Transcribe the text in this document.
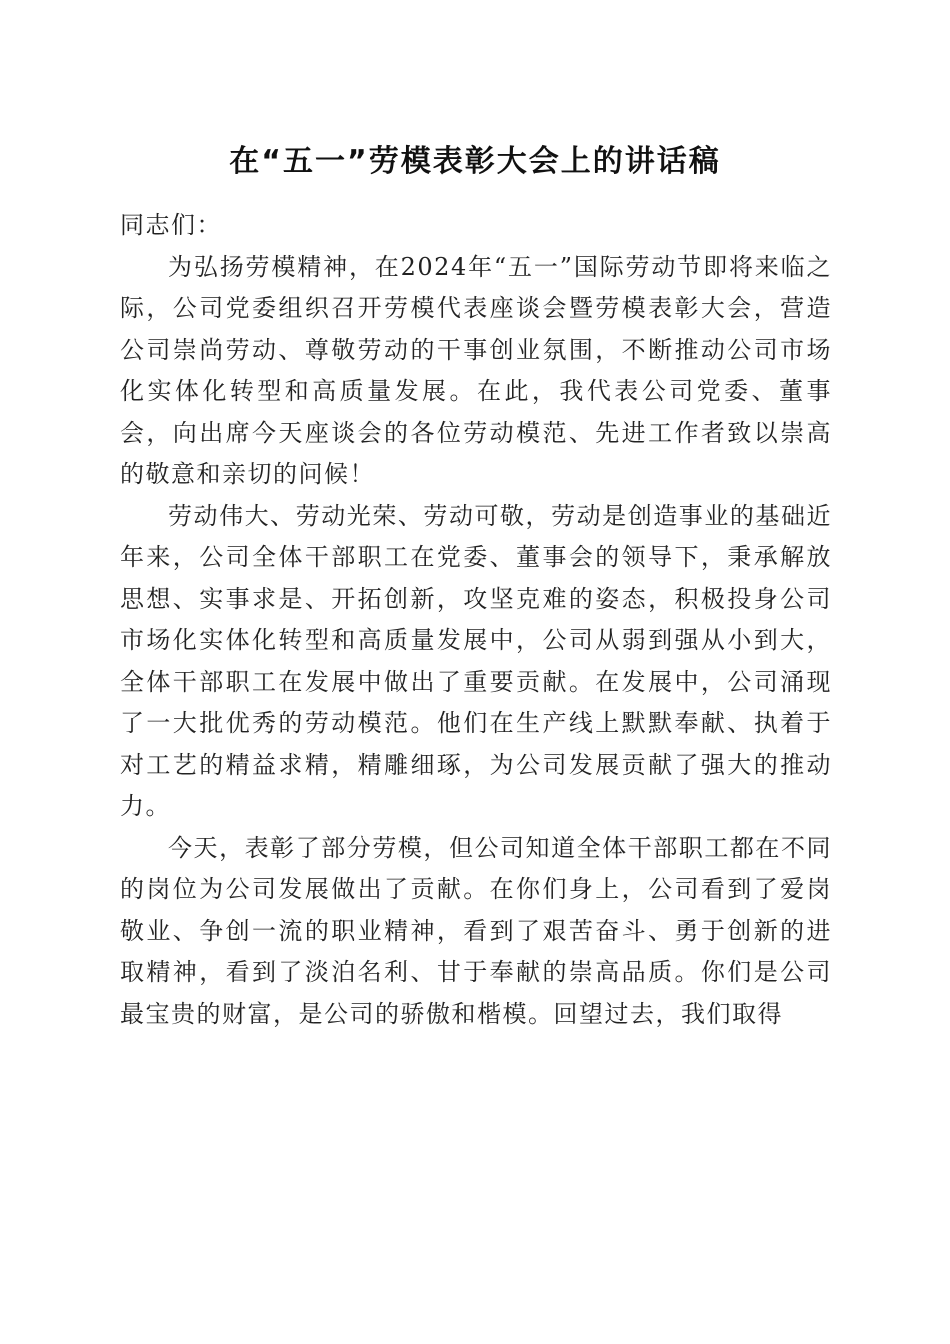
在“五一”劳模表彰大会上的讲话稿

同志们：

为弘扬劳模精神，在2024年“五一”国际劳动节即将来临之际，公司党委组织召开劳模代表座谈会暨劳模表彰大会，营造公司崇尚劳动、尊敬劳动的干事创业氛围，不断推动公司市场化实体化转型和高质量发展。在此，我代表公司党委、董事会，向出席今天座谈会的各位劳动模范、先进工作者致以崇高的敬意和亲切的问候！

劳动伟大、劳动光荣、劳动可敬，劳动是创造事业的基础近年来，公司全体干部职工在党委、董事会的领导下，秉承解放思想、实事求是、开拓创新，攻坚克难的姿态，积极投身公司市场化实体化转型和高质量发展中，公司从弱到强从小到大，全体干部职工在发展中做出了重要贡献。在发展中，公司涌现了一大批优秀的劳动模范。他们在生产线上默默奉献、执着于对工艺的精益求精，精雕细琢，为公司发展贡献了强大的推动力。

今天，表彰了部分劳模，但公司知道全体干部职工都在不同的岗位为公司发展做出了贡献。在你们身上，公司看到了爱岗敬业、争创一流的职业精神，看到了艰苦奋斗、勇于创新的进取精神，看到了淡泊名利、甘于奉献的崇高品质。你们是公司最宝贵的财富，是公司的骄傲和楷模。回望过去，我们取得
